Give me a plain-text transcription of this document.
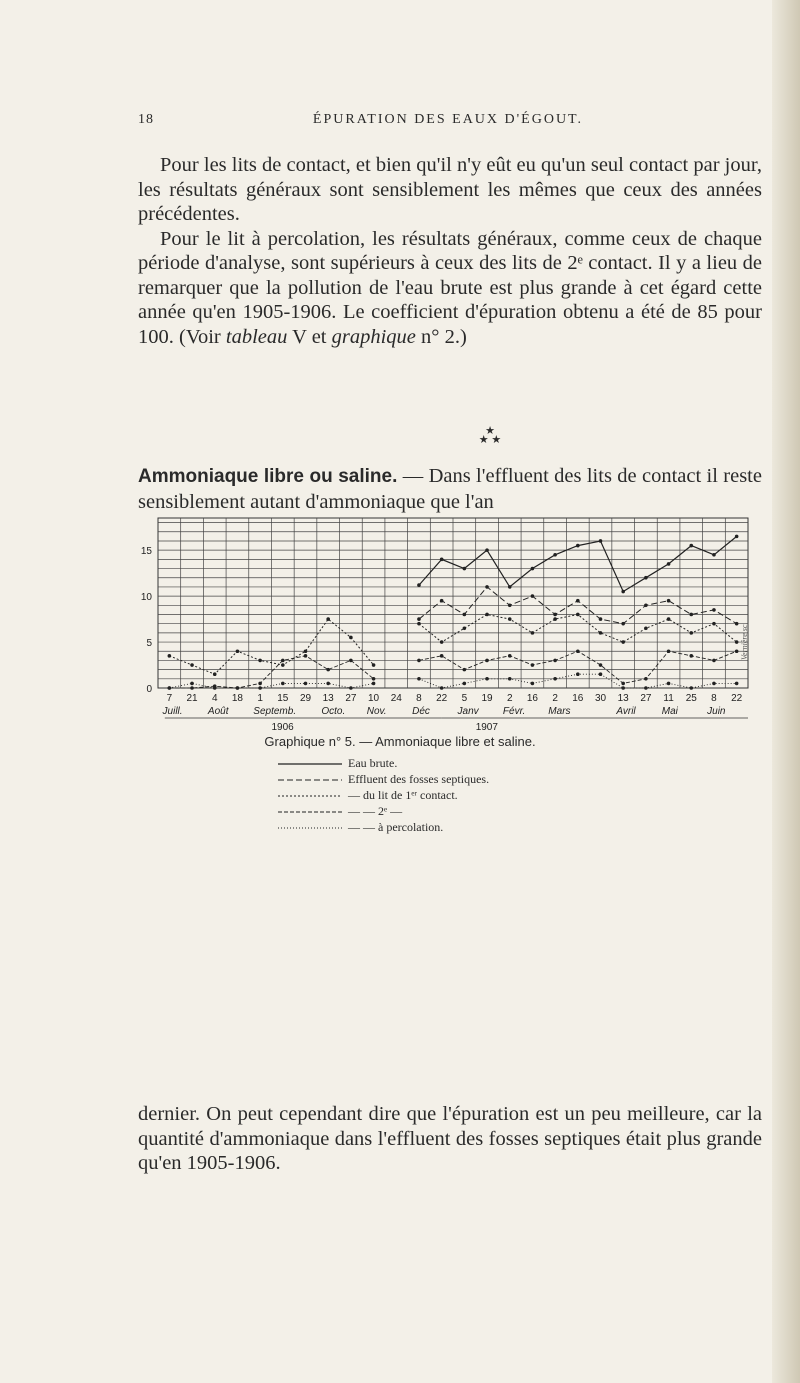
18	ÉPURATION DES EAUX D'ÉGOUT.

Pour les lits de contact, et bien qu'il n'y eût eu qu'un seul contact par jour, les résultats généraux sont sensiblement les mêmes que ceux des années précédentes.

Pour le lit à percolation, les résultats généraux, comme ceux de chaque période d'analyse, sont supérieurs à ceux des lits de 2ᵉ contact. Il y a lieu de remarquer que la pollution de l'eau brute est plus grande à cet égard cette année qu'en 1905-1906. Le coefficient d'épuration obtenu a été de 85 pour 100. (Voir tableau V et graphique n° 2.)

★
★ ★
Ammoniaque libre ou saline. — Dans l'effluent des lits de contact il reste sensiblement autant d'ammoniaque que l'an
0
5
10
15
7 21 4 18 1 15 29 13 27 10 24 8 22 5 19 2 16 2 16 30 13 27 11 25 8 22
Juill.	Août Septemb.	Octo. Nov.	Déc	Janv Févr. Mars	Avril	Mai	Juin
1906	1907
Graphique n° 5. — Ammoniaque libre et saline.
Eau brute.
Effluent des fosses septiques.
— du lit de 1ᵉʳ contact.
— — 2ᵉ —
— — à percolation.
Vernière sc.
dernier. On peut cependant dire que l'épuration est un peu meilleure, car la quantité d'ammoniaque dans l'effluent des fosses septiques était plus grande qu'en 1905-1906.
